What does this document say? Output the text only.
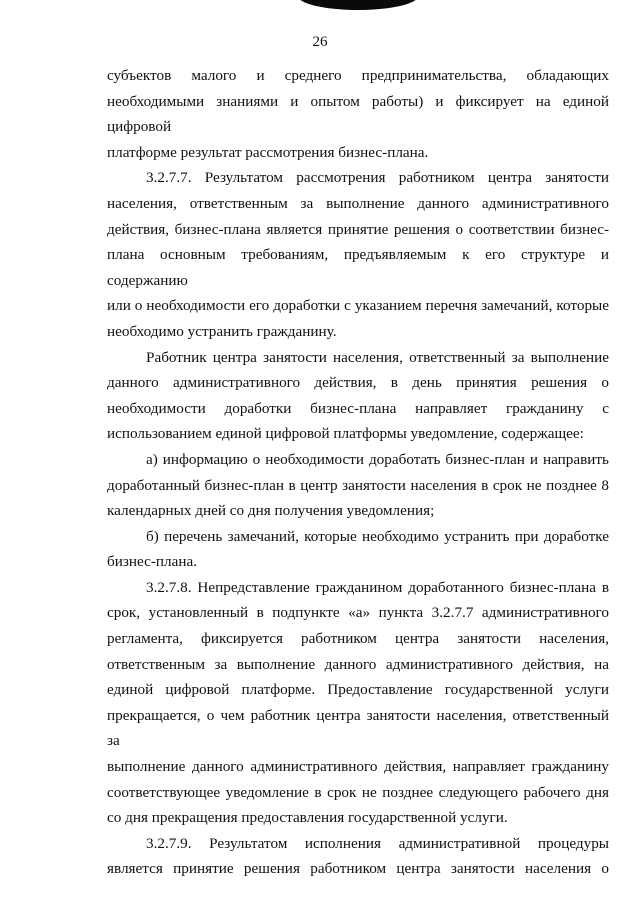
26

субъектов малого и среднего предпринимательства, обладающих

необходимыми знаниями и опытом работы) и фиксирует на единой цифровой

платформе результат рассмотрения бизнес-плана.

3.2.7.7. Результатом рассмотрения работником центра занятости

населения, ответственным за выполнение данного административного

действия, бизнес-плана является принятие решения о соответствии бизнес-

плана основным требованиям, предъявляемым к его структуре и содержанию

или о необходимости его доработки с указанием перечня замечаний, которые

необходимо устранить гражданину.

Работник центра занятости населения, ответственный за выполнение

данного административного действия, в день принятия решения о

необходимости доработки бизнес-плана направляет гражданину с

использованием единой цифровой платформы уведомление, содержащее:

а) информацию о необходимости доработать бизнес-план и направить

доработанный бизнес-план в центр занятости населения в срок не позднее 8

календарных дней со дня получения уведомления;

б) перечень замечаний, которые необходимо устранить при доработке

бизнес-плана.

3.2.7.8. Непредставление гражданином доработанного бизнес-плана в

срок, установленный в подпункте «а» пункта 3.2.7.7 административного

регламента, фиксируется работником центра занятости населения,

ответственным за выполнение данного административного действия, на

единой цифровой платформе. Предоставление государственной услуги

прекращается, о чем работник центра занятости населения, ответственный за

выполнение данного административного действия, направляет гражданину

соответствующее уведомление в срок не позднее следующего рабочего дня

со дня прекращения предоставления государственной услуги.

3.2.7.9. Результатом исполнения административной процедуры

является принятие решения работником центра занятости населения о
